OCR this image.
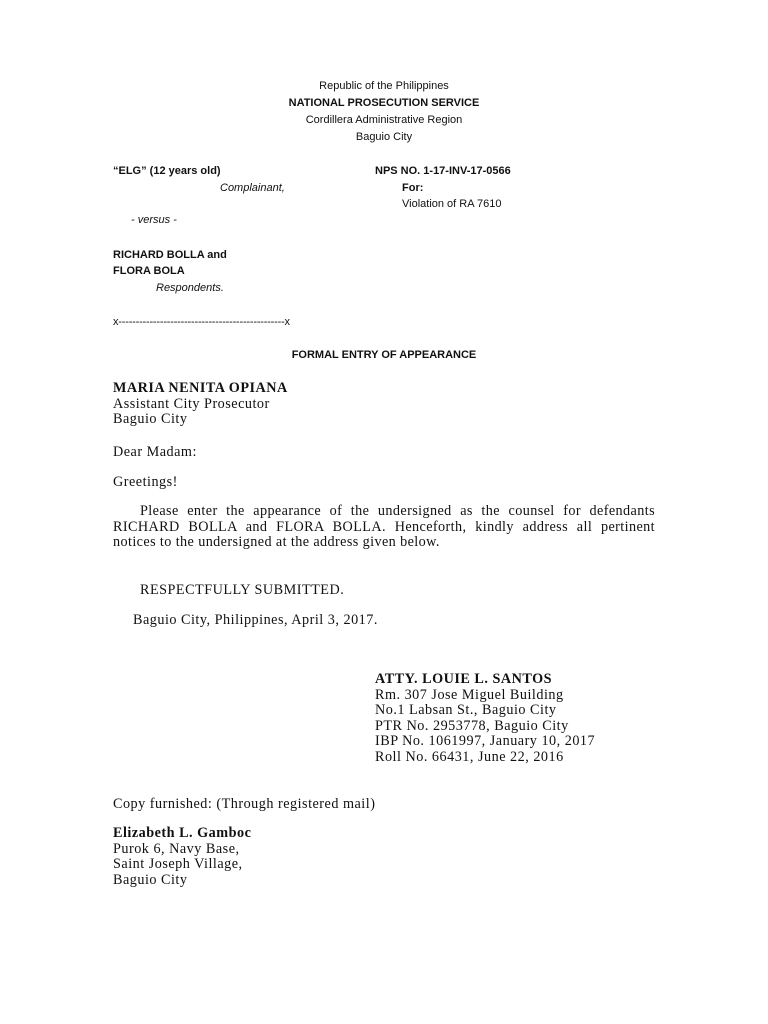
Republic of the Philippines
NATIONAL PROSECUTION SERVICE
Cordillera Administrative Region
Baguio City
“ELG” (12 years old)
Complainant,
- versus -
RICHARD BOLLA and
FLORA BOLA
Respondents.
NPS NO. 1-17-INV-17-0566
For:
Violation of RA 7610
x------------------------------------------------x
FORMAL ENTRY OF APPEARANCE
MARIA NENITA OPIANA
Assistant City Prosecutor
Baguio City
Dear Madam:
Greetings!
Please enter the appearance of the undersigned as the counsel for defendants RICHARD BOLLA and FLORA BOLLA. Henceforth, kindly address all pertinent notices to the undersigned at the address given below.
RESPECTFULLY SUBMITTED.
Baguio City, Philippines, April 3, 2017.
ATTY. LOUIE L. SANTOS
Rm. 307 Jose Miguel Building
No.1 Labsan St., Baguio City
PTR No. 2953778, Baguio City
IBP No. 1061997, January 10, 2017
Roll No. 66431, June 22, 2016
Copy furnished: (Through registered mail)
Elizabeth L. Gamboc
Purok 6, Navy Base,
Saint Joseph Village,
Baguio City
